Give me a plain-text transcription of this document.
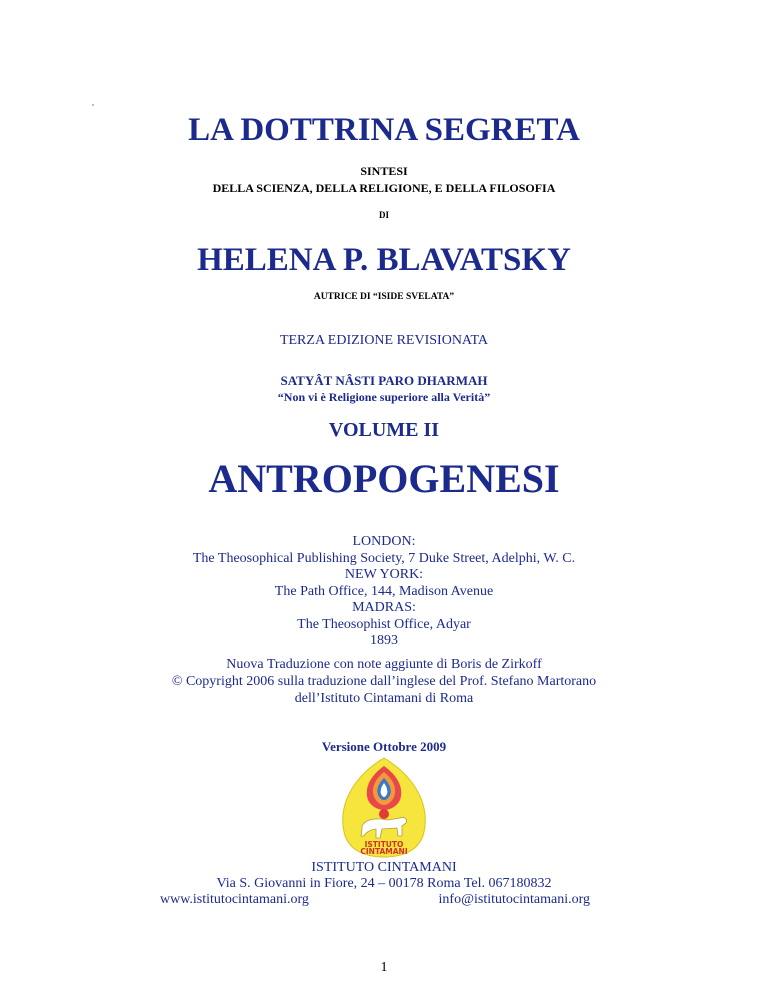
LA DOTTRINA SEGRETA
SINTESI
DELLA SCIENZA, DELLA RELIGIONE, E DELLA FILOSOFIA
DI
HELENA P. BLAVATSKY
AUTRICE DI “ISIDE SVELATA”
TERZA EDIZIONE REVISIONATA
SATYÂT NÂSTI PARO DHARMAH
“Non vi è Religione superiore alla Verità”
VOLUME II
ANTROPOGENESI
LONDON:
The Theosophical Publishing Society, 7 Duke Street, Adelphi, W. C.
NEW YORK:
The Path Office, 144, Madison Avenue
MADRAS:
The Theosophist Office, Adyar
1893
Nuova Traduzione con note aggiunte di Boris de Zirkoff
© Copyright 2006 sulla traduzione dall’inglese del Prof. Stefano Martorano
dell’Istituto Cintamani di Roma
Versione Ottobre 2009
ISTITUTO
CINTAMANI
ISTITUTO CINTAMANI
Via S. Giovanni in Fiore, 24 – 00178 Roma Tel. 067180832
www.istitutocintamani.org	info@istitutocintamani.org
1
